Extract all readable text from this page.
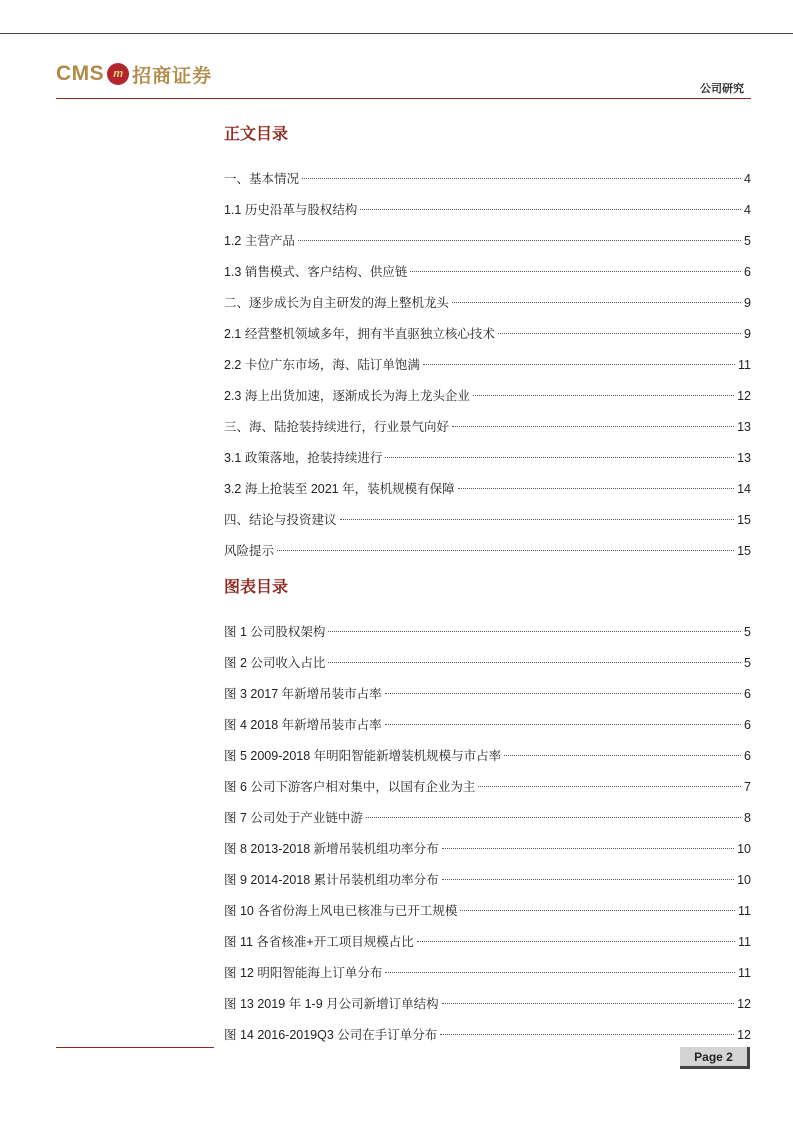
CMS m 招商证券
公司研究
正文目录
一、基本情况	4
1.1 历史沿革与股权结构	4
1.2 主营产品	5
1.3 销售模式、客户结构、供应链	6
二、逐步成长为自主研发的海上整机龙头	9
2.1 经营整机领域多年，拥有半直驱独立核心技术	9
2.2 卡位广东市场，海、陆订单饱满	11
2.3 海上出货加速，逐渐成长为海上龙头企业	12
三、海、陆抢装持续进行，行业景气向好	13
3.1 政策落地，抢装持续进行	13
3.2 海上抢装至 2021 年，装机规模有保障	14
四、结论与投资建议	15
风险提示	15
图表目录
图 1 公司股权架构	5
图 2 公司收入占比	5
图 3 2017 年新增吊装市占率	6
图 4 2018 年新增吊装市占率	6
图 5 2009-2018 年明阳智能新增装机规模与市占率	6
图 6 公司下游客户相对集中，以国有企业为主	7
图 7 公司处于产业链中游	8
图 8 2013-2018 新增吊装机组功率分布	10
图 9 2014-2018 累计吊装机组功率分布	10
图 10 各省份海上风电已核准与已开工规模	11
图 11 各省核准+开工项目规模占比	11
图 12 明阳智能海上订单分布	11
图 13 2019 年 1-9 月公司新增订单结构	12
图 14 2016-2019Q3 公司在手订单分布	12
Page 2
